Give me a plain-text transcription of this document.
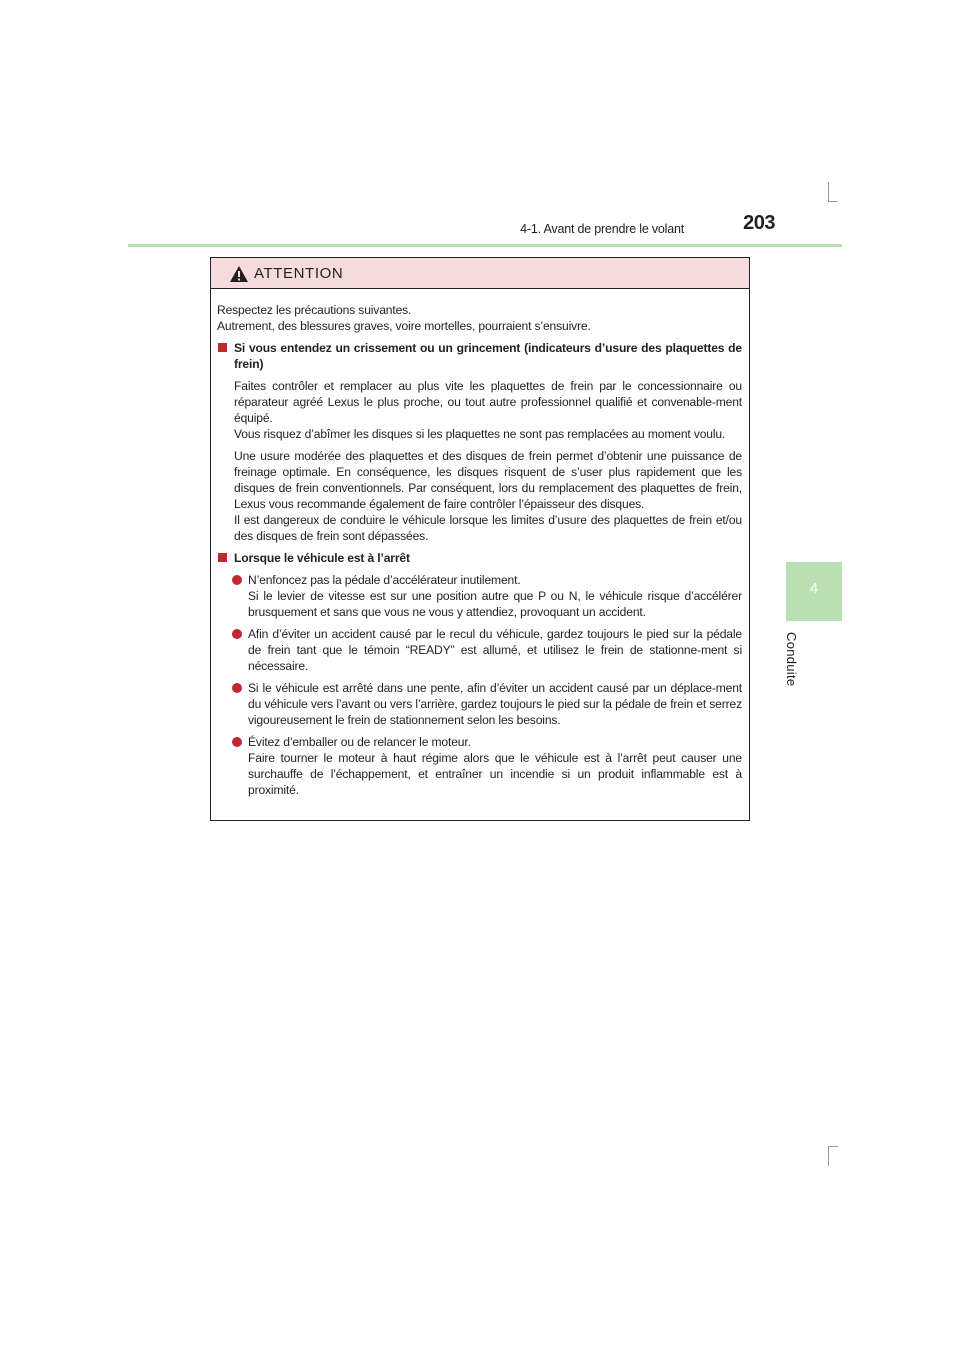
4-1. Avant de prendre le volant	203
4
Conduite
ATTENTION

Respectez les précautions suivantes.

Autrement, des blessures graves, voire mortelles, pourraient s’ensuivre.

Si vous entendez un crissement ou un grincement (indicateurs d’usure des plaquettes de frein)

Faites contrôler et remplacer au plus vite les plaquettes de frein par le concessionnaire ou réparateur agréé Lexus le plus proche, ou tout autre professionnel qualifié et convenable-ment équipé.

Vous risquez d’abîmer les disques si les plaquettes ne sont pas remplacées au moment voulu.

Une usure modérée des plaquettes et des disques de frein permet d’obtenir une puissance de freinage optimale. En conséquence, les disques risquent de s’user plus rapidement que les disques de frein conventionnels. Par conséquent, lors du remplacement des plaquettes de frein, Lexus vous recommande également de faire contrôler l’épaisseur des disques.

Il est dangereux de conduire le véhicule lorsque les limites d’usure des plaquettes de frein et/ou des disques de frein sont dépassées.

Lorsque le véhicule est à l’arrêt

N’enfoncez pas la pédale d’accélérateur inutilement.

Si le levier de vitesse est sur une position autre que P ou N, le véhicule risque d’accélérer brusquement et sans que vous ne vous y attendiez, provoquant un accident.

Afin d’éviter un accident causé par le recul du véhicule, gardez toujours le pied sur la pédale de frein tant que le témoin “READY” est allumé, et utilisez le frein de stationne-ment si nécessaire.

Si le véhicule est arrêté dans une pente, afin d’éviter un accident causé par un déplace-ment du véhicule vers l’avant ou vers l’arrière, gardez toujours le pied sur la pédale de frein et serrez vigoureusement le frein de stationnement selon les besoins.

Évitez d’emballer ou de relancer le moteur.

Faire tourner le moteur à haut régime alors que le véhicule est à l’arrêt peut causer une surchauffe de l’échappement, et entraîner un incendie si un produit inflammable est à proximité.
